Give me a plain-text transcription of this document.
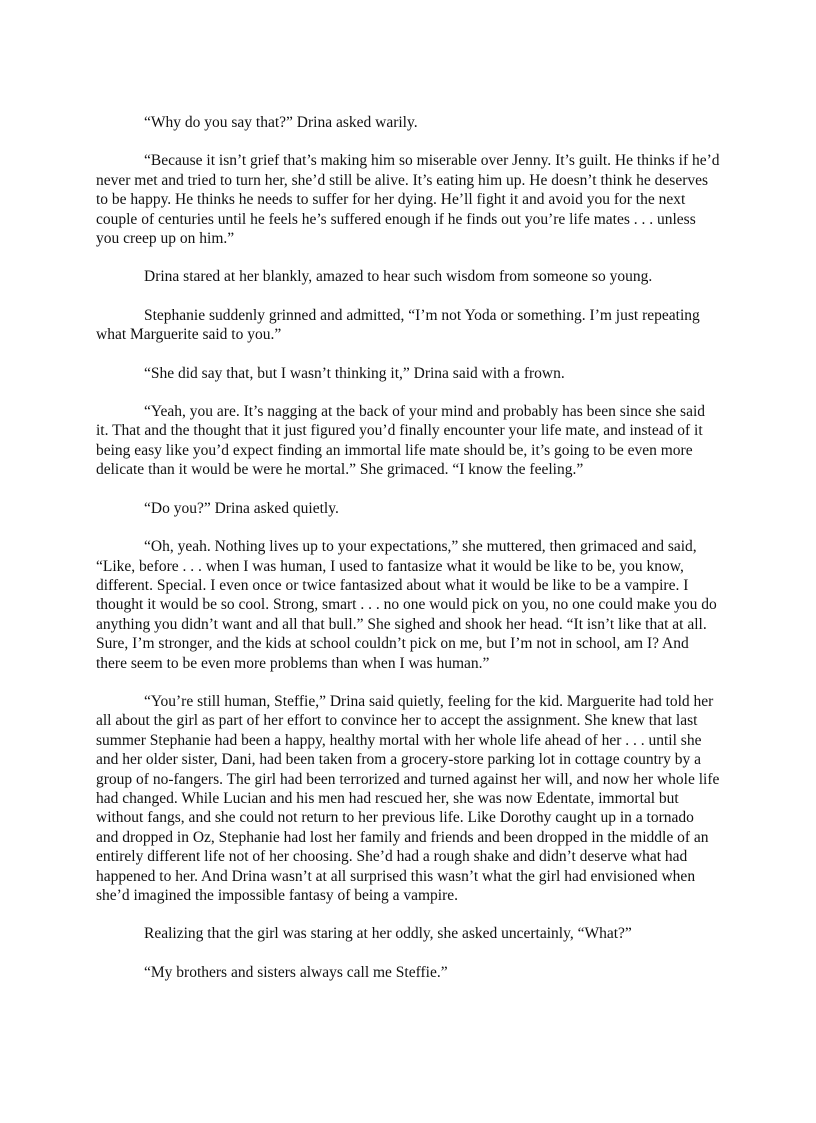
“Why do you say that?” Drina asked warily.

“Because it isn’t grief that’s making him so miserable over Jenny. It’s guilt. He thinks if he’d never met and tried to turn her, she’d still be alive. It’s eating him up. He doesn’t think he deserves to be happy. He thinks he needs to suffer for her dying. He’ll fight it and avoid you for the next couple of centuries until he feels he’s suffered enough if he finds out you’re life mates . . . unless you creep up on him.”

Drina stared at her blankly, amazed to hear such wisdom from someone so young.

Stephanie suddenly grinned and admitted, “I’m not Yoda or something. I’m just repeating what Marguerite said to you.”

“She did say that, but I wasn’t thinking it,” Drina said with a frown.

“Yeah, you are. It’s nagging at the back of your mind and probably has been since she said it. That and the thought that it just figured you’d finally encounter your life mate, and instead of it being easy like you’d expect finding an immortal life mate should be, it’s going to be even more delicate than it would be were he mortal.” She grimaced. “I know the feeling.”

“Do you?” Drina asked quietly.

“Oh, yeah. Nothing lives up to your expectations,” she muttered, then grimaced and said, “Like, before . . . when I was human, I used to fantasize what it would be like to be, you know, different. Special. I even once or twice fantasized about what it would be like to be a vampire. I thought it would be so cool. Strong, smart . . . no one would pick on you, no one could make you do anything you didn’t want and all that bull.” She sighed and shook her head. “It isn’t like that at all. Sure, I’m stronger, and the kids at school couldn’t pick on me, but I’m not in school, am I? And there seem to be even more problems than when I was human.”

“You’re still human, Steffie,” Drina said quietly, feeling for the kid. Marguerite had told her all about the girl as part of her effort to convince her to accept the assignment. She knew that last summer Stephanie had been a happy, healthy mortal with her whole life ahead of her . . . until she and her older sister, Dani, had been taken from a grocery-store parking lot in cottage country by a group of no-fangers. The girl had been terrorized and turned against her will, and now her whole life had changed. While Lucian and his men had rescued her, she was now Edentate, immortal but without fangs, and she could not return to her previous life. Like Dorothy caught up in a tornado and dropped in Oz, Stephanie had lost her family and friends and been dropped in the middle of an entirely different life not of her choosing. She’d had a rough shake and didn’t deserve what had happened to her. And Drina wasn’t at all surprised this wasn’t what the girl had envisioned when she’d imagined the impossible fantasy of being a vampire.

Realizing that the girl was staring at her oddly, she asked uncertainly, “What?”

“My brothers and sisters always call me Steffie.”
